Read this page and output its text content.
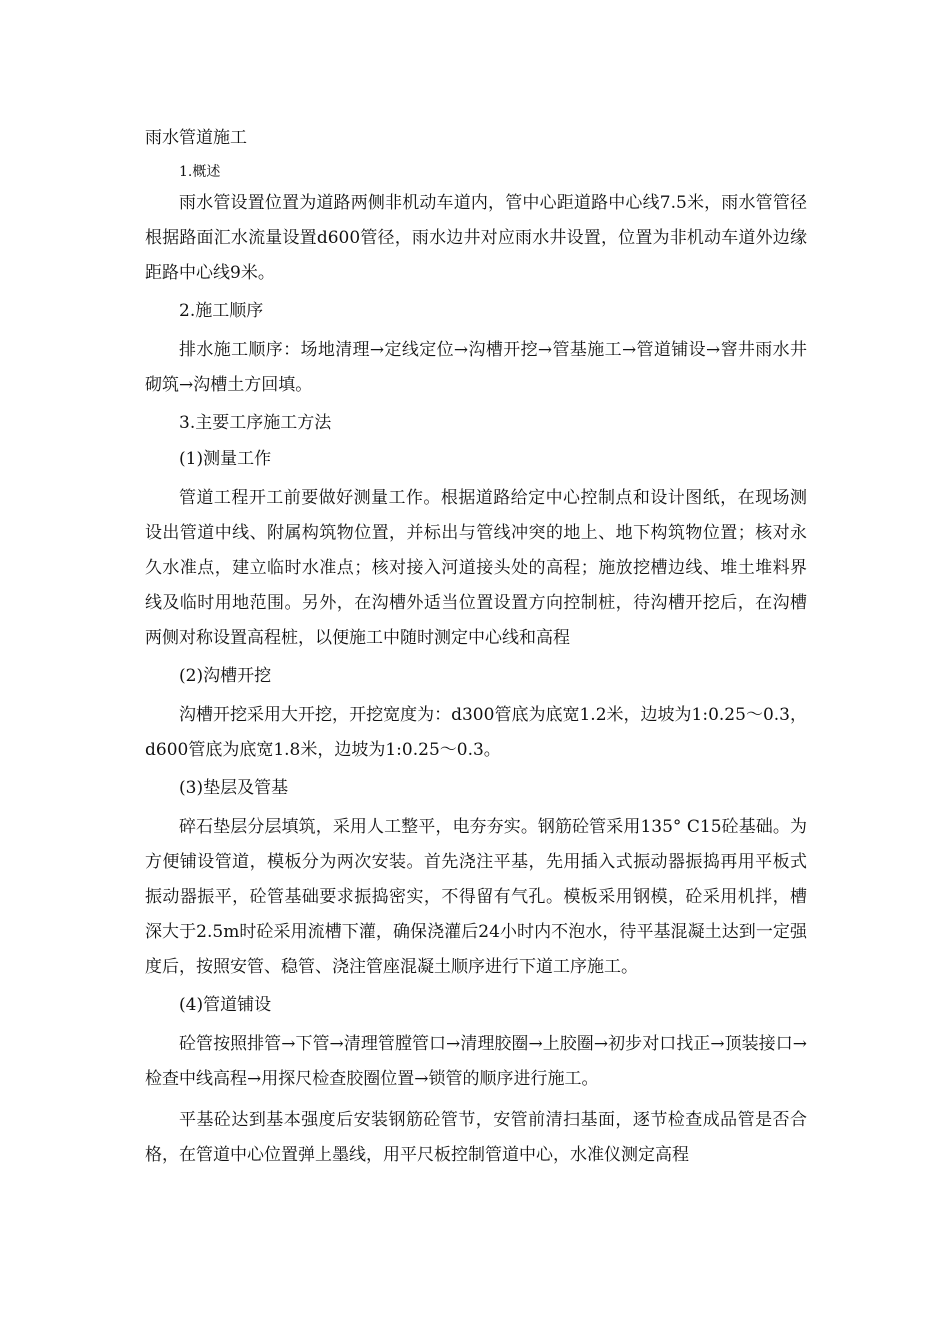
雨水管道施工
1.概述

雨水管设置位置为道路两侧非机动车道内，管中心距道路中心线7.5米，雨水管管径根据路面汇水流量设置d600管径，雨水边井对应雨水井设置，位置为非机动车道外边缘距路中心线9米。

2.施工顺序

排水施工顺序：场地清理→定线定位→沟槽开挖→管基施工→管道铺设→窨井雨水井砌筑→沟槽土方回填。

3.主要工序施工方法
(1)测量工作

管道工程开工前要做好测量工作。根据道路给定中心控制点和设计图纸，在现场测设出管道中线、附属构筑物位置，并标出与管线冲突的地上、地下构筑物位置；核对永久水准点，建立临时水准点；核对接入河道接头处的高程；施放挖槽边线、堆土堆料界线及临时用地范围。另外，在沟槽外适当位置设置方向控制桩，待沟槽开挖后，在沟槽两侧对称设置高程桩，以便施工中随时测定中心线和高程

(2)沟槽开挖

沟槽开挖采用大开挖，开挖宽度为：d300管底为底宽1.2米，边坡为1:0.25～0.3，d600管底为底宽1.8米，边坡为1:0.25～0.3。

(3)垫层及管基

碎石垫层分层填筑，采用人工整平，电夯夯实。钢筋砼管采用135° C15砼基础。为方便铺设管道，模板分为两次安装。首先浇注平基，先用插入式振动器振捣再用平板式振动器振平，砼管基础要求振捣密实，不得留有气孔。模板采用钢模，砼采用机拌，槽深大于2.5m时砼采用流槽下灌，确保浇灌后24小时内不泡水，待平基混凝土达到一定强度后，按照安管、稳管、浇注管座混凝土顺序进行下道工序施工。

(4)管道铺设

砼管按照排管→下管→清理管膛管口→清理胶圈→上胶圈→初步对口找正→顶装接口→检查中线高程→用探尺检查胶圈位置→锁管的顺序进行施工。

平基砼达到基本强度后安装钢筋砼管节，安管前清扫基面，逐节检查成品管是否合格，在管道中心位置弹上墨线，用平尺板控制管道中心，水准仪测定高程
